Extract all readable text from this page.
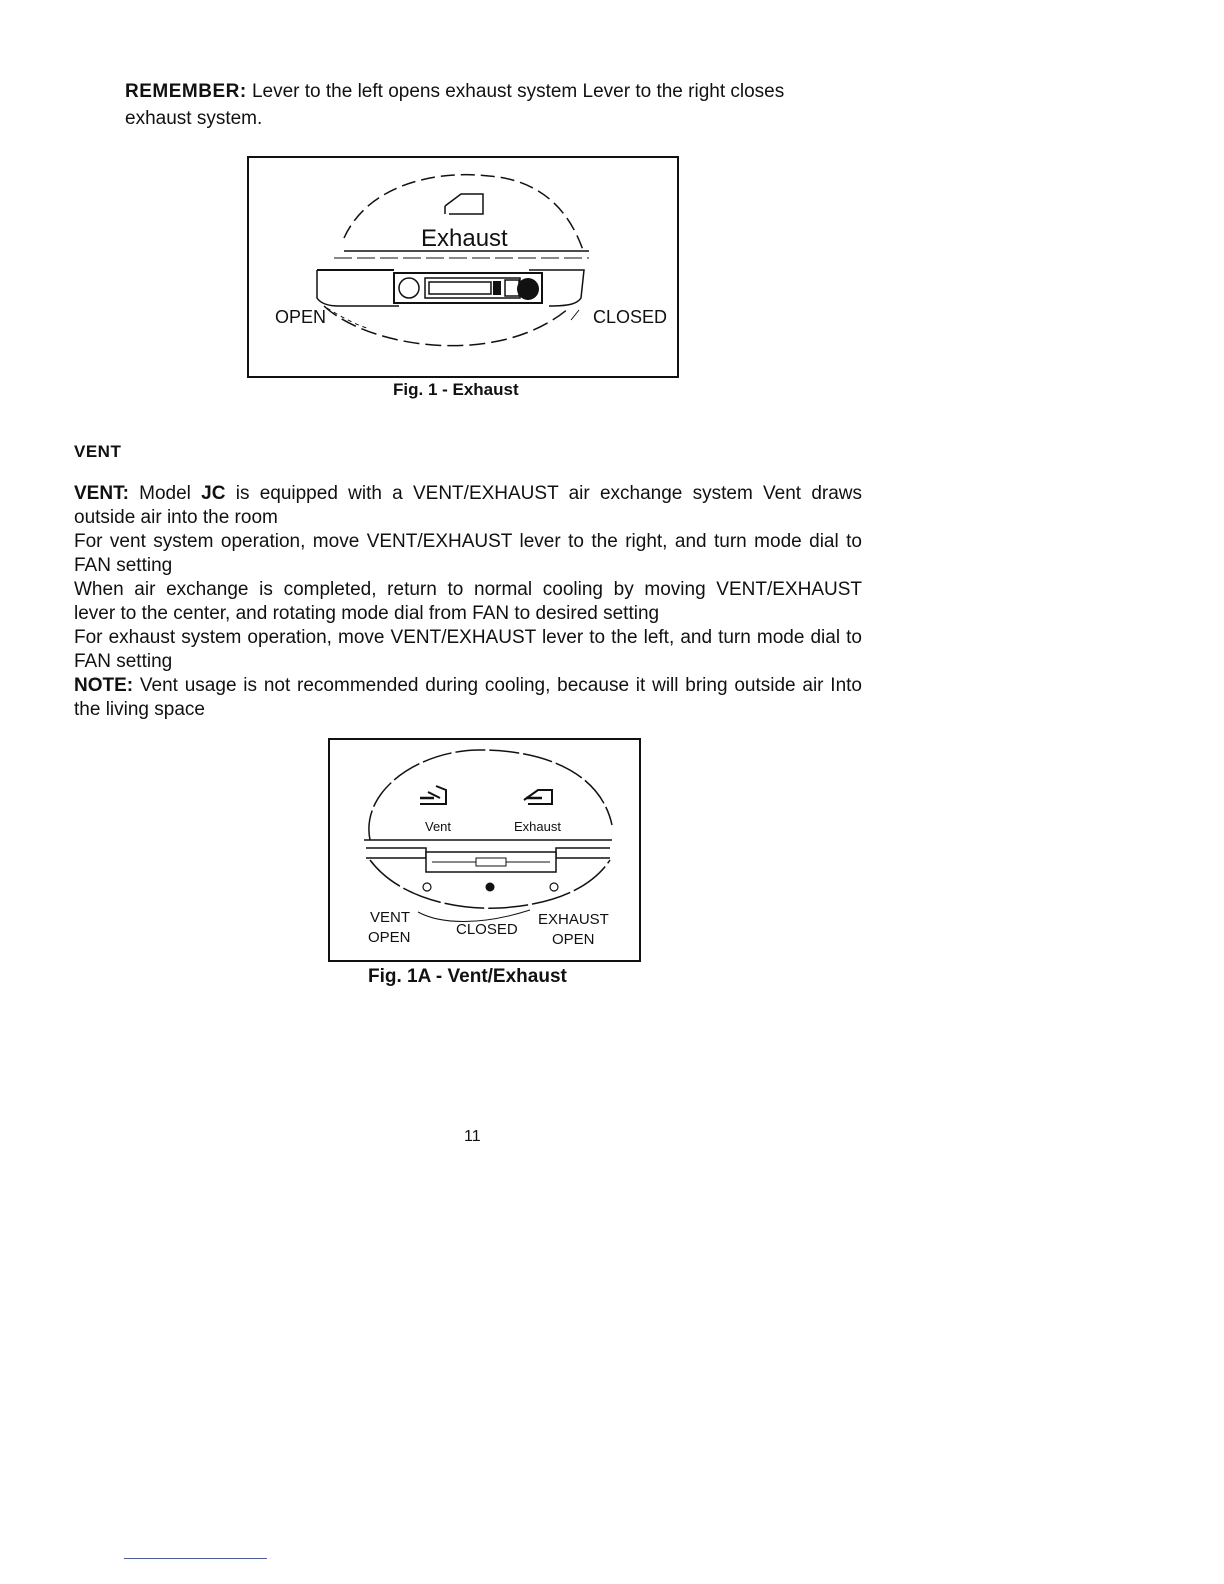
REMEMBER: Lever to the left opens exhaust system Lever to the right closes
exhaust system.
Exhaust
OPEN	CLOSED
Fig. 1 - Exhaust
VENT

VENT: Model JC is equipped with a VENT/EXHAUST air exchange system Vent draws

outside air into the room

For vent system operation, move VENT/EXHAUST lever to the right, and turn mode dial to

FAN setting

When air exchange is completed, return to normal cooling by moving VENT/EXHAUST

lever to the center, and rotating mode dial from FAN to desired setting

For exhaust system operation, move VENT/EXHAUST lever to the left, and turn mode dial to

FAN setting

NOTE: Vent usage is not recommended during cooling, because it will bring outside air Into

the living space

Vent	Exhaust
VENT
OPEN	CLOSED
EXHAUST
OPEN
Fig. 1A - Vent/Exhaust
11
